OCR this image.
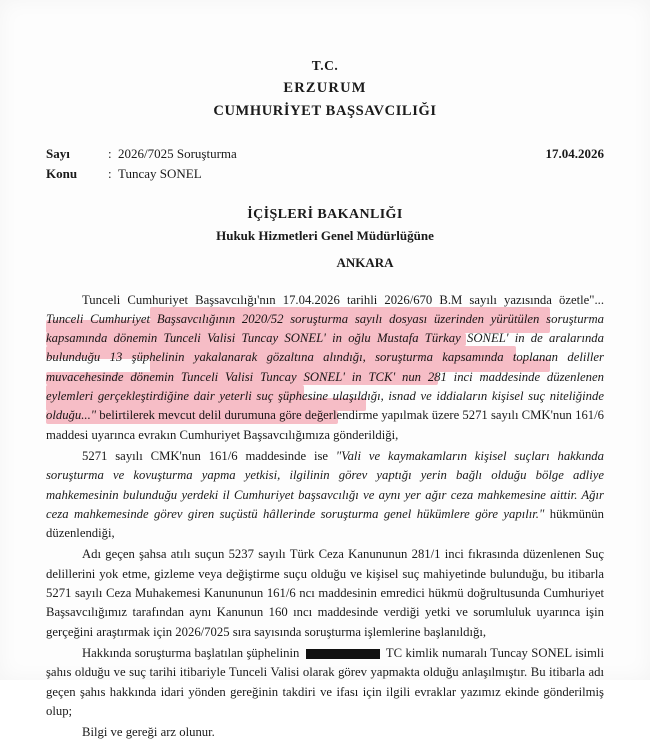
T.C.
ERZURUM
CUMHURİYET BAŞSAVCILIĞI
Sayı	: 2026/7025 Soruşturma
Konu	: Tuncay SONEL
17.04.2026
İÇİŞLERİ BAKANLIĞI
Hukuk Hizmetleri Genel Müdürlüğüne
ANKARA

Tunceli Cumhuriyet Başsavcılığı'nın 17.04.2026 tarihli 2026/670 B.M sayılı yazısında özetle"... Tunceli Cumhuriyet Başsavcılığının 2020/52 soruşturma sayılı dosyası üzerinden yürütülen soruşturma kapsamında dönemin Tunceli Valisi Tuncay SONEL' in oğlu Mustafa Türkay SONEL' in de aralarında bulunduğu 13 şüphelinin yakalanarak gözaltına alındığı, soruşturma kapsamında toplanan deliller muvacehesinde dönemin Tunceli Valisi Tuncay SONEL' in TCK' nun 281 inci maddesinde düzenlenen eylemleri gerçekleştirdiğine dair yeterli suç şüphesine ulaşıldığı, isnad ve iddiaların kişisel suç niteliğinde olduğu..." belirtilerek mevcut delil durumuna göre değerlendirme yapılmak üzere 5271 sayılı CMK'nun 161/6 maddesi uyarınca evrakın Cumhuriyet Başsavcılığımıza gönderildiği,

5271 sayılı CMK'nun 161/6 maddesinde ise "Vali ve kaymakamların kişisel suçları hakkında soruşturma ve kovuşturma yapma yetkisi, ilgilinin görev yaptığı yerin bağlı olduğu bölge adliye mahkemesinin bulunduğu yerdeki il Cumhuriyet başsavcılığı ve aynı yer ağır ceza mahkemesine aittir. Ağır ceza mahkemesinde görev giren suçüstü hâllerinde soruşturma genel hükümlere göre yapılır." hükmünün düzenlendiği,

Adı geçen şahsa atılı suçun 5237 sayılı Türk Ceza Kanununun 281/1 inci fıkrasında düzenlenen Suç delillerini yok etme, gizleme veya değiştirme suçu olduğu ve kişisel suç mahiyetinde bulunduğu, bu itibarla 5271 sayılı Ceza Muhakemesi Kanununun 161/6 ncı maddesinin emredici hükmü doğrultusunda Cumhuriyet Başsavcılığımız tarafından aynı Kanunun 160 ıncı maddesinde verdiği yetki ve sorumluluk uyarınca işin gerçeğini araştırmak için 2026/7025 sıra sayısında soruşturma işlemlerine başlanıldığı,

Hakkında soruşturma başlatılan şüphelinin	TC kimlik numaralı Tuncay SONEL isimli şahıs olduğu ve suç tarihi itibariyle Tunceli Valisi olarak görev yapmakta olduğu anlaşılmıştır. Bu itibarla adı geçen şahıs hakkında idari yönden gereğinin takdiri ve ifası için ilgili evraklar yazımız ekinde gönderilmiş olup;

Bilgi ve gereği arz olunur.
